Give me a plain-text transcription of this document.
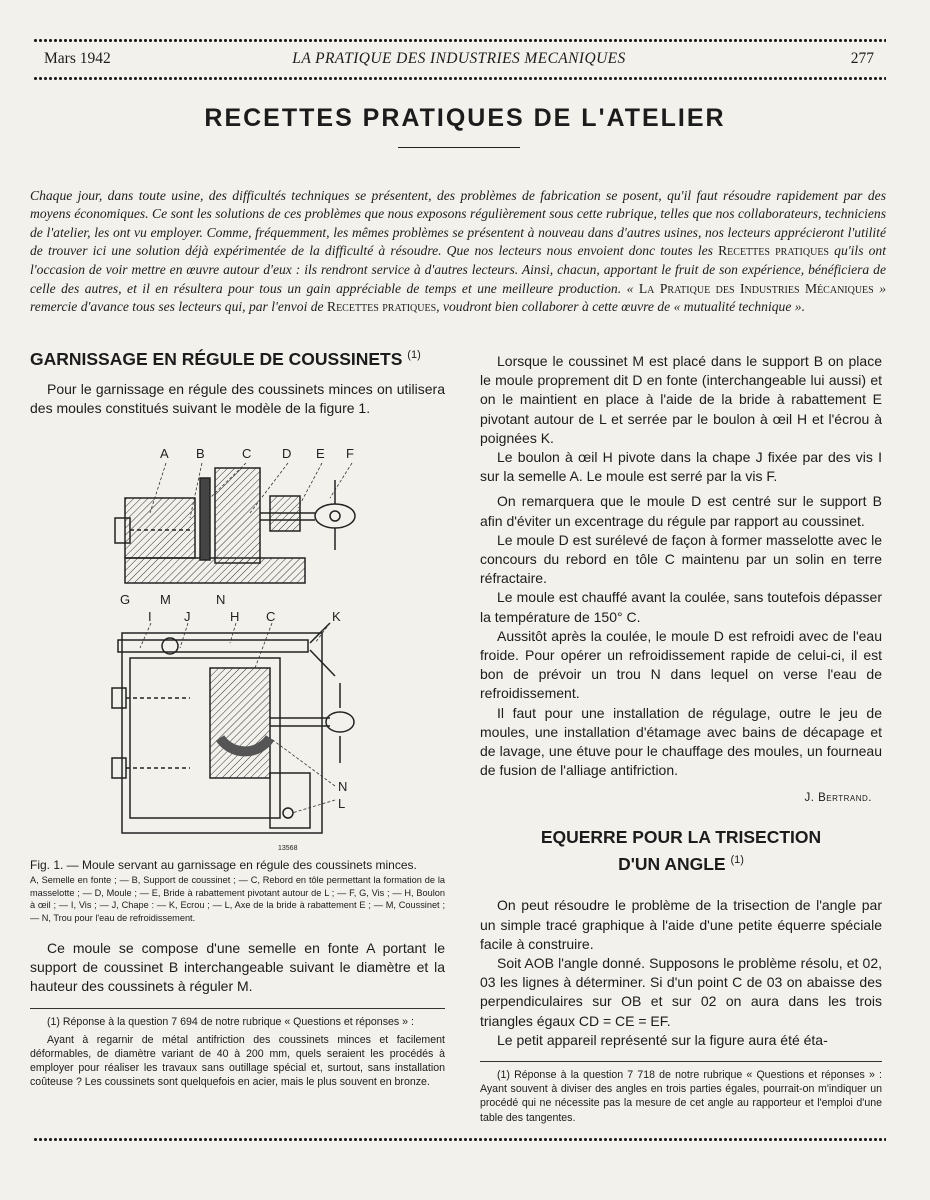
Mars 1942	LA PRATIQUE DES INDUSTRIES MECANIQUES	277
RECETTES PRATIQUES DE L'ATELIER

Chaque jour, dans toute usine, des difficultés techniques se présentent, des problèmes de fabrication se posent, qu'il faut résoudre rapidement par des moyens économiques. Ce sont les solutions de ces problèmes que nous exposons régulièrement sous cette rubrique, telles que nos collaborateurs, techniciens de l'atelier, les ont vu employer. Comme, fréquemment, les mêmes problèmes se présentent à nouveau dans d'autres usines, nos lecteurs apprécieront l'utilité de trouver ici une solution déjà expérimentée de la difficulté à résoudre. Que nos lecteurs nous envoient donc toutes les Recettes pratiques qu'ils ont l'occasion de voir mettre en œuvre autour d'eux : ils rendront service à d'autres lecteurs. Ainsi, chacun, apportant le fruit de son expérience, bénéficiera de celle des autres, et il en résultera pour tous un gain appréciable de temps et une meilleure production. « La Pratique des Industries Mécaniques » remercie d'avance tous ses lecteurs qui, par l'envoi de Recettes pratiques, voudront bien collaborer à cette œuvre de « mutualité technique ».

GARNISSAGE EN RÉGULE DE COUSSINETS $^{(1)}$

Pour le garnissage en régule des coussinets minces on utilisera des moules constitués suivant le modèle de la figure 1.

A B	C D E F
G M	N
I J	H C	K
N
L
13568

Fig. 1. — Moule servant au garnissage en régule des coussinets minces.

A, Semelle en fonte ; — B, Support de coussinet ; — C, Rebord en tôle permettant la formation de la masselotte ; — D, Moule ; — E, Bride à rabattement pivotant autour de L ; — F, G, Vis ; — H, Boulon à œil ; — I, Vis ; — J, Chape : — K, Ecrou ; — L, Axe de la bride à rabattement E ; — M, Coussinet ; — N, Trou pour l'eau de refroidissement.

Ce moule se compose d'une semelle en fonte A portant le support de coussinet B interchangeable suivant le diamètre et la hauteur des coussinets à réguler M.

(1) Réponse à la question 7 694 de notre rubrique « Questions et réponses » :

Ayant à regarnir de métal antifriction des coussinets minces et facilement déformables, de diamètre variant de 40 à 200 mm, quels seraient les procédés à employer pour réaliser les travaux sans outillage spécial et, surtout, sans installation coûteuse ? Les coussinets sont quelquefois en acier, mais le plus souvent en bronze.

Lorsque le coussinet M est placé dans le support B on place le moule proprement dit D en fonte (interchangeable lui aussi) et on le maintient en place à l'aide de la bride à rabattement E pivotant autour de L et serrée par le boulon à œil H et l'écrou à poignées K.

Le boulon à œil H pivote dans la chape J fixée par des vis I sur la semelle A. Le moule est serré par la vis F.

On remarquera que le moule D est centré sur le support B afin d'éviter un excentrage du régule par rapport au coussinet.

Le moule D est surélevé de façon à former masselotte avec le concours du rebord en tôle C maintenu par un solin en terre réfractaire.

Le moule est chauffé avant la coulée, sans toutefois dépasser la température de 150° C.

Aussitôt après la coulée, le moule D est refroidi avec de l'eau froide. Pour opérer un refroidissement rapide de celui-ci, il est bon de prévoir un trou N dans lequel on verse l'eau de refroidissement.

Il faut pour une installation de régulage, outre le jeu de moules, une installation d'étamage avec bains de décapage et de lavage, une étuve pour le chauffage des moules, un fourneau de fusion de l'alliage antifriction.

J. Bertrand.

EQUERRE POUR LA TRISECTION
D'UN ANGLE $^{(1)}$

On peut résoudre le problème de la trisection de l'angle par un simple tracé graphique à l'aide d'une petite équerre spéciale facile à construire.

Soit AOB l'angle donné. Supposons le problème résolu, et 02, 03 les lignes à déterminer. Si d'un point C de 03 on abaisse des perpendiculaires sur OB et sur 02 on aura dans les trois triangles égaux CD = CE = EF.

Le petit appareil représenté sur la figure aura été éta-

(1) Réponse à la question 7 718 de notre rubrique « Questions et réponses » : Ayant souvent à diviser des angles en trois parties égales, pourrait-on m'indiquer un procédé qui ne nécessite pas la mesure de cet angle au rapporteur et l'emploi d'une table des tangentes.
